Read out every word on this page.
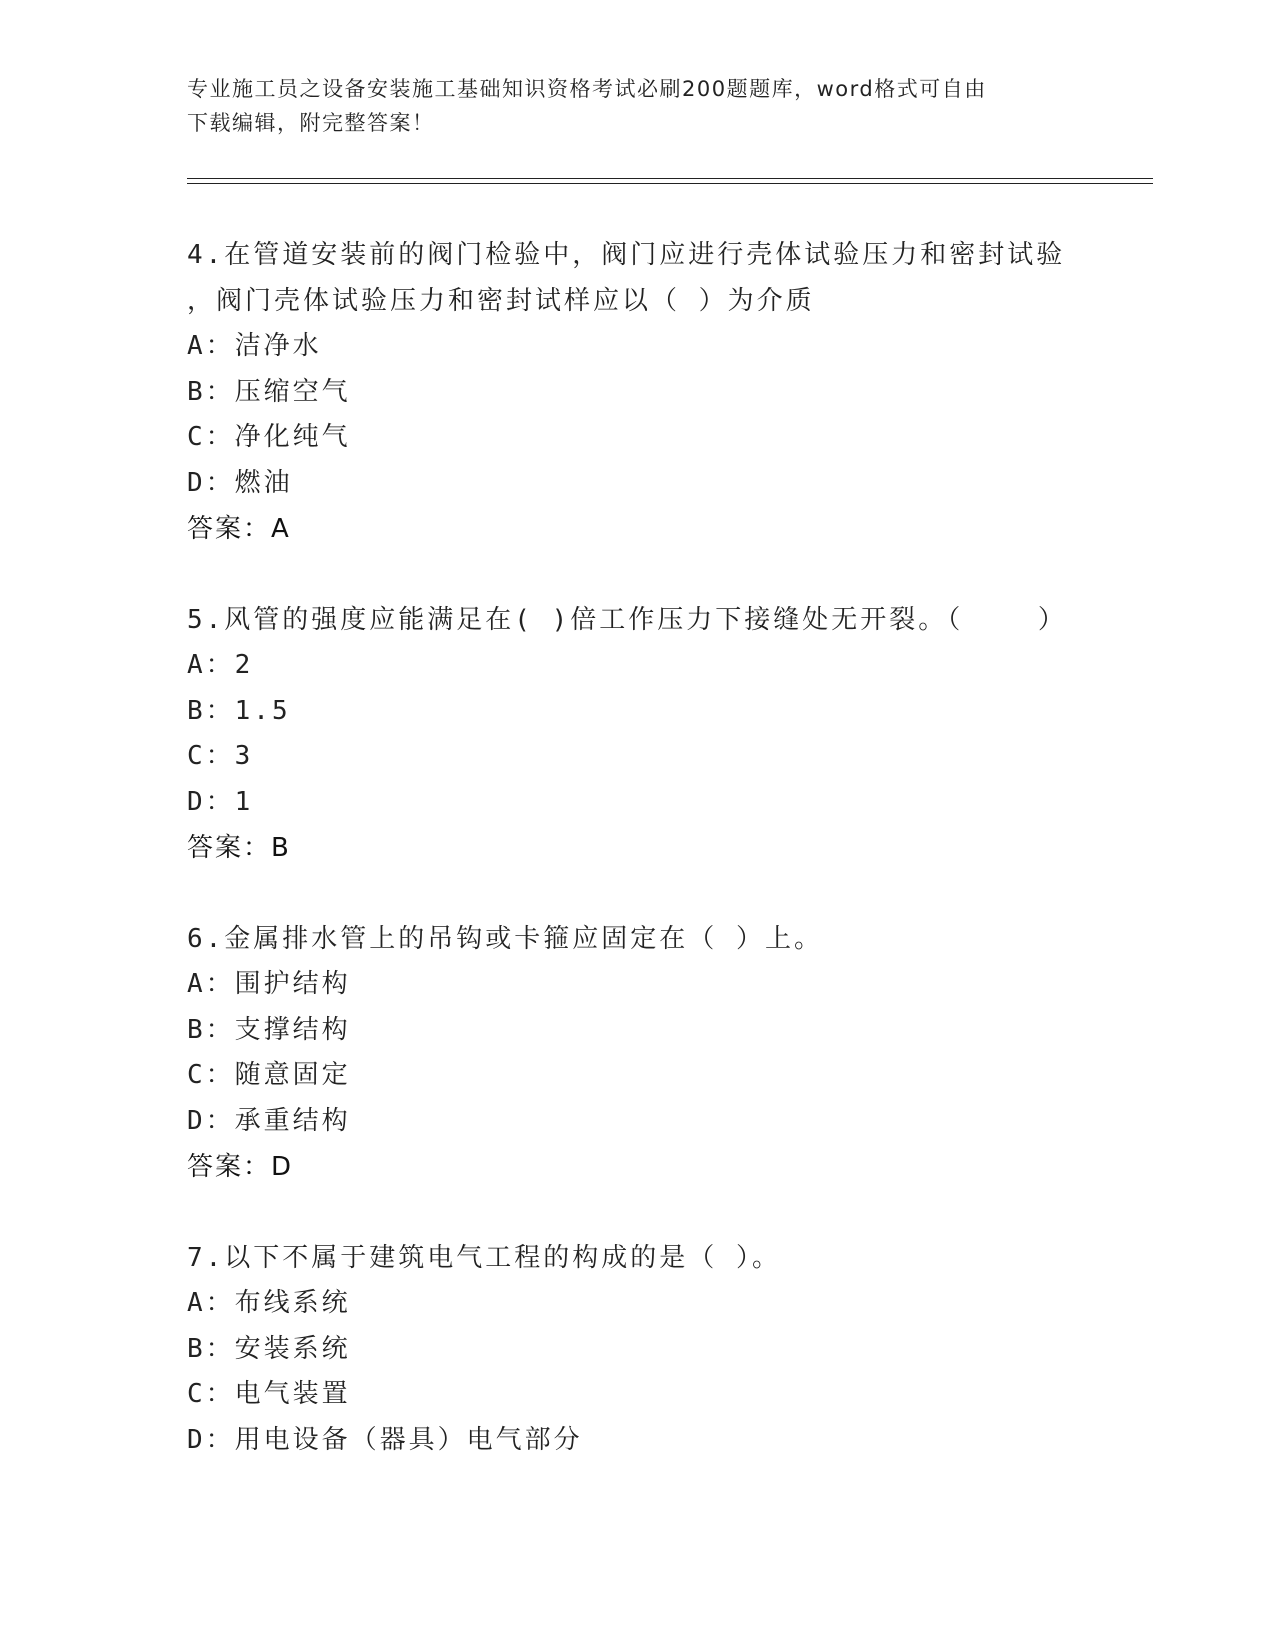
专业施工员之设备安装施工基础知识资格考试必刷200题题库，word格式可自由
下载编辑，附完整答案！
4.在管道安装前的阀门检验中，阀门应进行壳体试验压力和密封试验
，阀门壳体试验压力和密封试样应以（ ）为介质
A：洁净水
B：压缩空气
C：净化纯气
D：燃油
答案：A
5.风管的强度应能满足在( )倍工作压力下接缝处无开裂。（    ）
A：2
B：1.5
C：3
D：1
答案：B
6.金属排水管上的吊钩或卡箍应固定在（ ）上。
A：围护结构
B：支撑结构
C：随意固定
D：承重结构
答案：D
7.以下不属于建筑电气工程的构成的是（ ）。
A：布线系统
B：安装系统
C：电气装置
D：用电设备（器具）电气部分
